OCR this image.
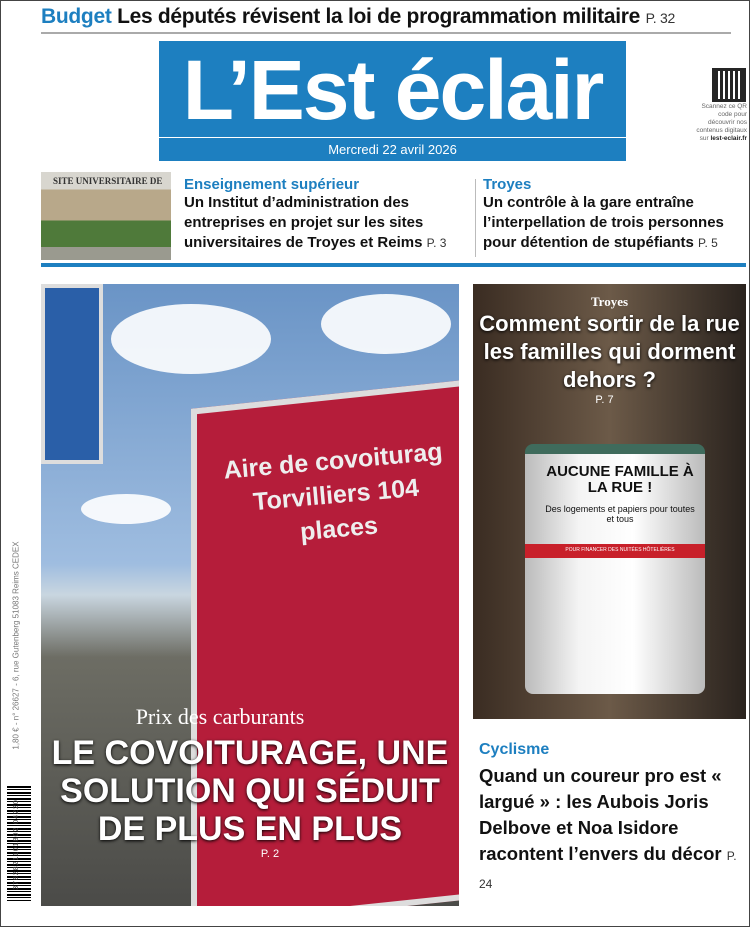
Budget Les députés révisent la loi de programmation militaire P. 32
L’Est éclair
Mercredi 22 avril 2026
Scannez ce QR code pour découvrir nos contenus digitaux sur lest-eclair.fr
SITE UNIVERSITAIRE DE Enseignement supérieur
Un Institut d’administration des entreprises en projet sur les sites universitaires de Troyes et Reims P. 3
Troyes
Un contrôle à la gare entraîne l’interpellation de trois personnes pour détention de stupéfiants P. 5
Aire de covoiturag Torvilliers 104 places
Prix des carburants
LE COVOITURAGE, UNE SOLUTION QUI SÉDUIT DE PLUS EN PLUS
P. 2
AUCUNE FAMILLE À LA RUE !
Des logements et papiers pour toutes et tous
POUR FINANCER DES NUITÉES HÔTELIÈRES
Troyes
Comment sortir de la rue les familles qui dorment dehors ?
P. 7
Cyclisme
Quand un coureur pro est « largué » : les Aubois Joris Delbove et Noa Isidore racontent l’envers du décor P. 24
1,80 € - n° 26627 - 6, rue Gutenberg 51083 Reims CEDEX
3782821101802 04220
